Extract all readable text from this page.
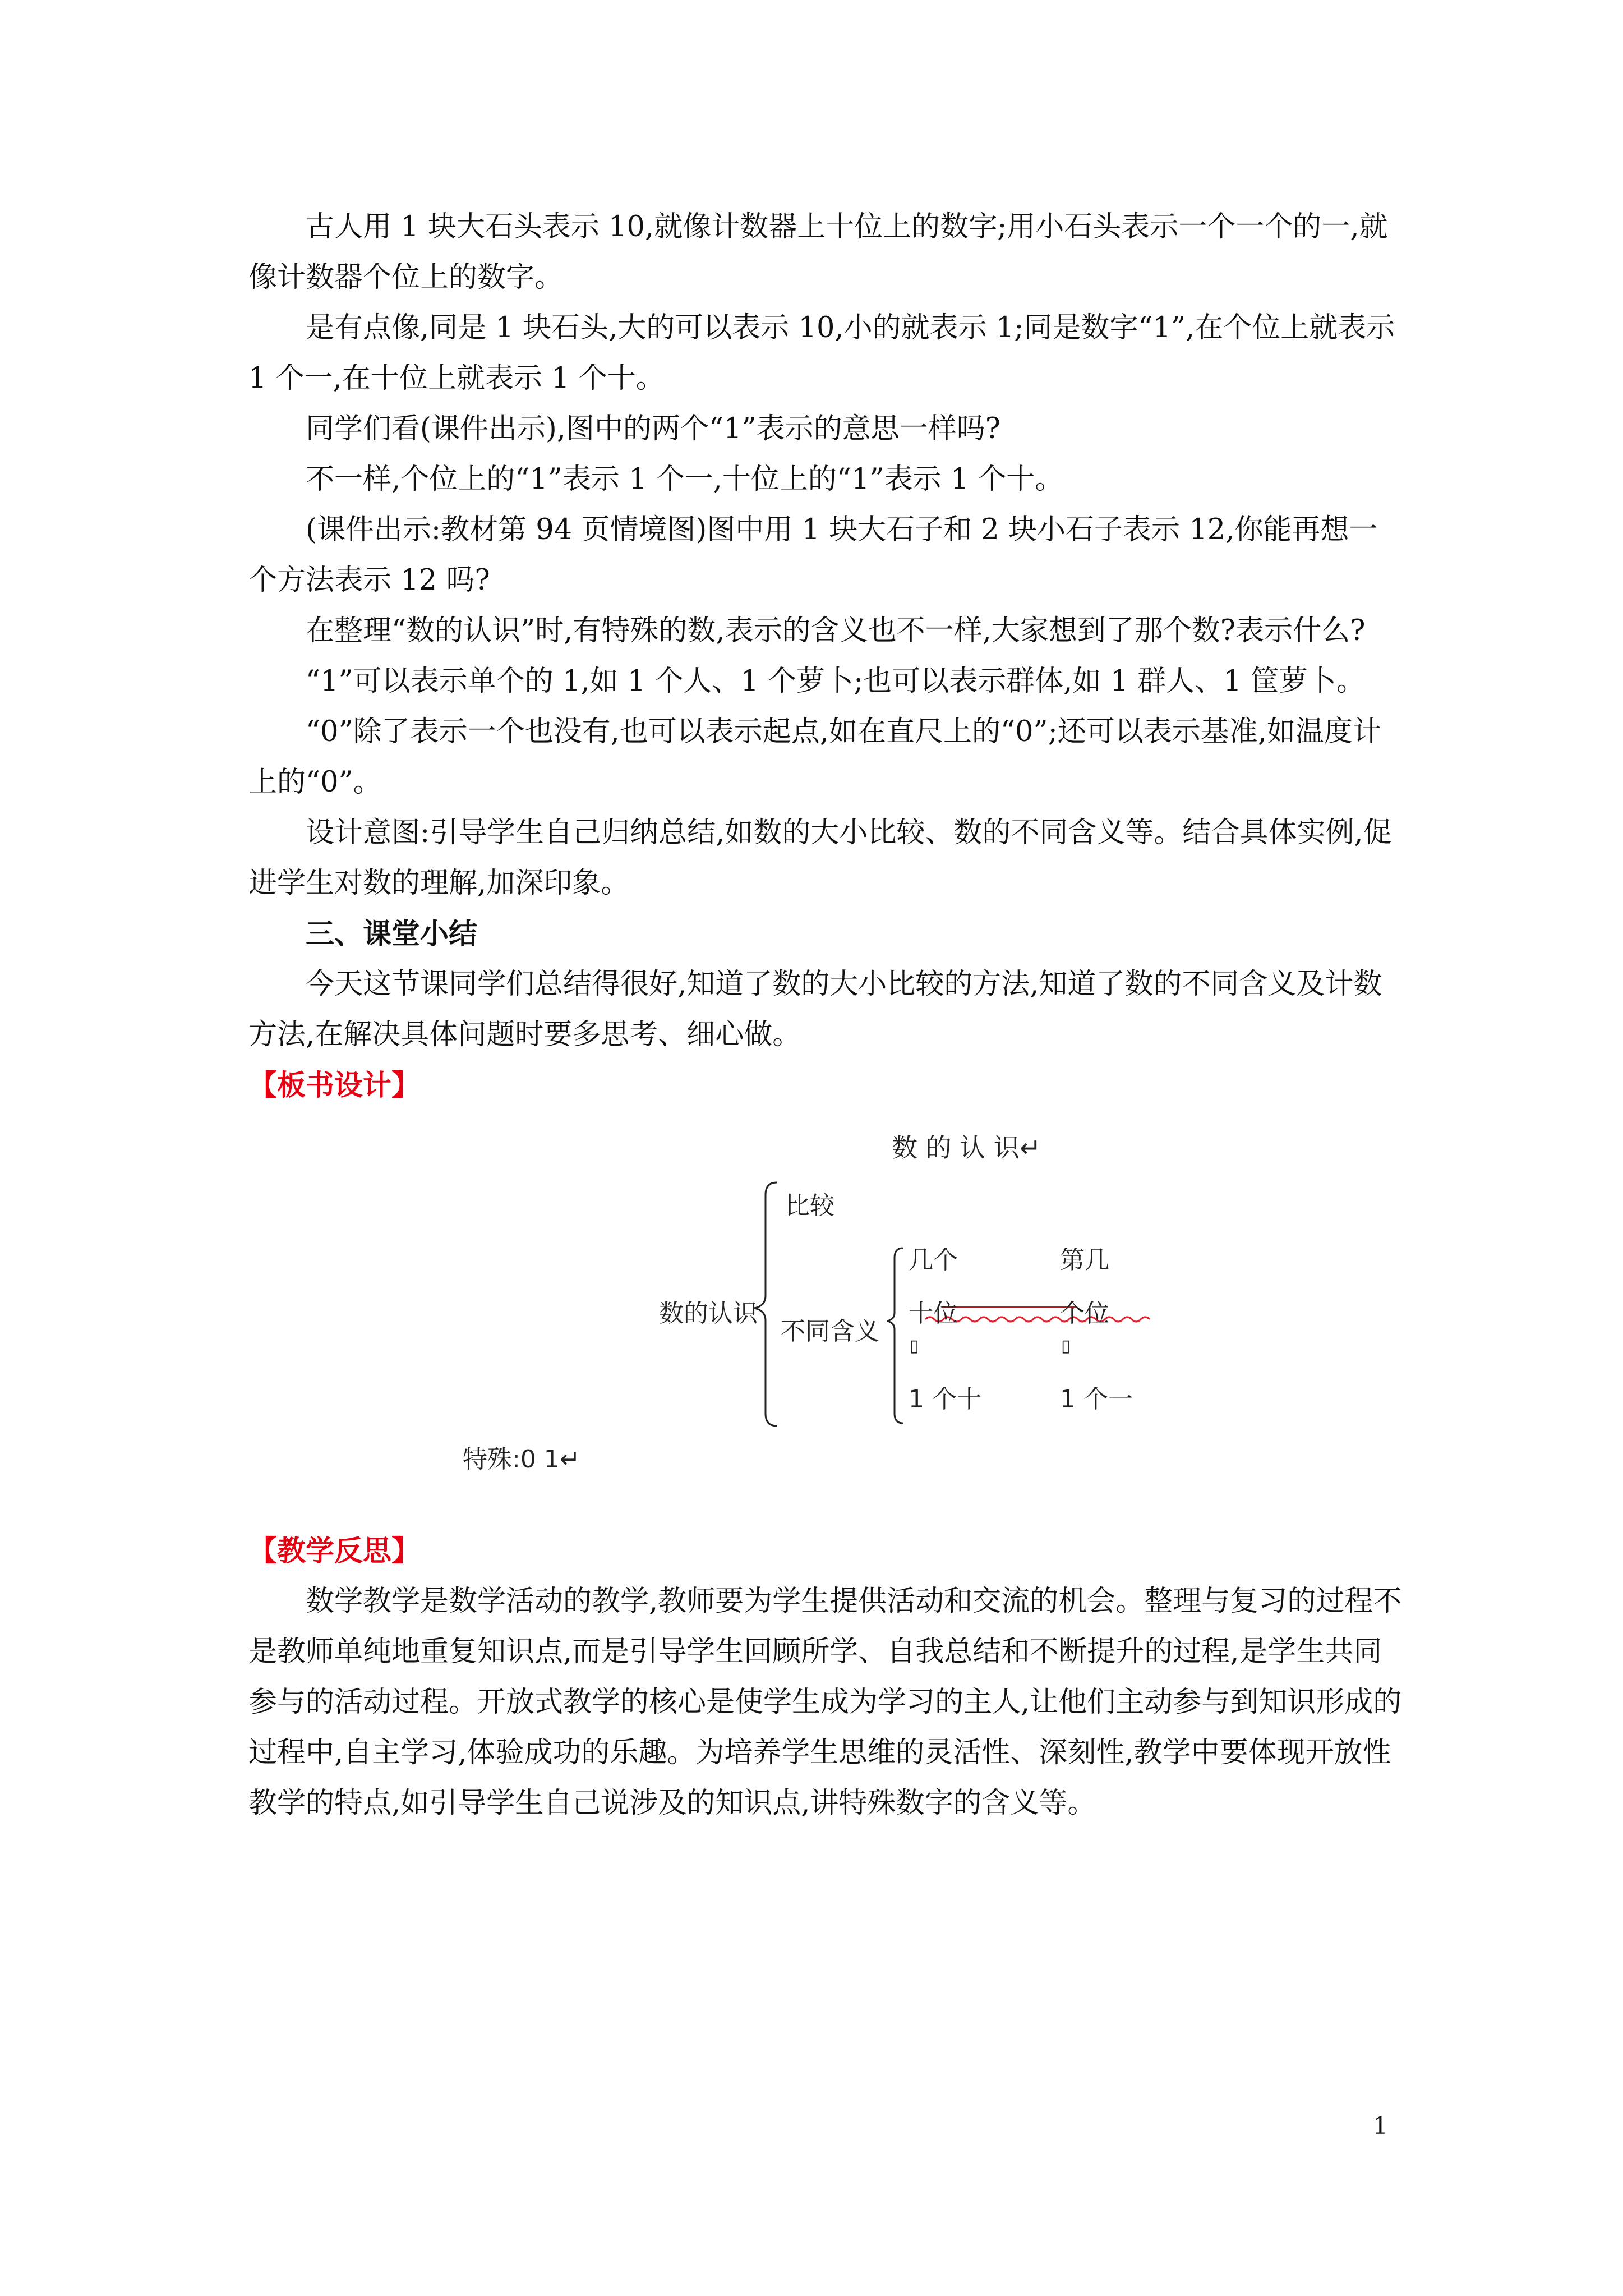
古人用 1 块大石头表示 10,就像计数器上十位上的数字;用小石头表示一个一个的一,就像计数器个位上的数字。

是有点像,同是 1 块石头,大的可以表示 10,小的就表示 1;同是数字“1”,在个位上就表示 1 个一,在十位上就表示 1 个十。

同学们看(课件出示),图中的两个“1”表示的意思一样吗?

不一样,个位上的“1”表示 1 个一,十位上的“1”表示 1 个十。

(课件出示:教材第 94 页情境图)图中用 1 块大石子和 2 块小石子表示 12,你能再想一个方法表示 12 吗?

在整理“数的认识”时,有特殊的数,表示的含义也不一样,大家想到了那个数?表示什么?

“1”可以表示单个的 1,如 1 个人、1 个萝卜;也可以表示群体,如 1 群人、1 筐萝卜。

“0”除了表示一个也没有,也可以表示起点,如在直尺上的“0”;还可以表示基准,如温度计上的“0”。

设计意图:引导学生自己归纳总结,如数的大小比较、数的不同含义等。结合具体实例,促进学生对数的理解,加深印象。

三、课堂小结

今天这节课同学们总结得很好,知道了数的大小比较的方法,知道了数的不同含义及计数方法,在解决具体问题时要多思考、细心做。

【板书设计】

数 的 认 识↵
数的认识
比较
不同含义
几个	第几
十位	个位
▯	▯
1 个十	1 个一
特殊:0 1↵

【教学反思】

数学教学是数学活动的教学,教师要为学生提供活动和交流的机会。整理与复习的过程不是教师单纯地重复知识点,而是引导学生回顾所学、自我总结和不断提升的过程,是学生共同参与的活动过程。开放式教学的核心是使学生成为学习的主人,让他们主动参与到知识形成的过程中,自主学习,体验成功的乐趣。为培养学生思维的灵活性、深刻性,教学中要体现开放性教学的特点,如引导学生自己说涉及的知识点,讲特殊数字的含义等。

1
